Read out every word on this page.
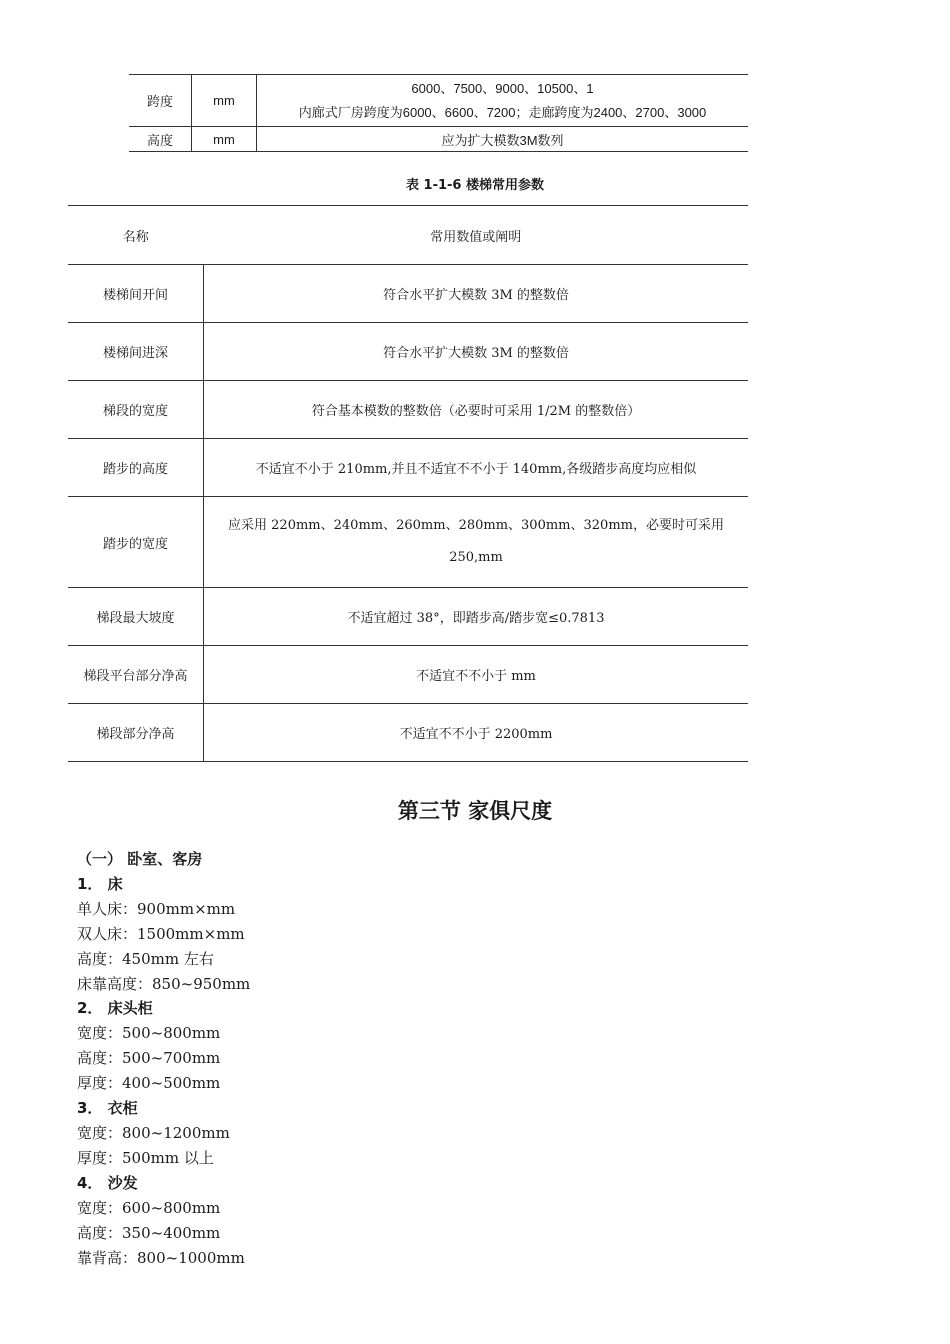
跨度	mm	6000、7500、9000、10500、1
内廊式厂房跨度为6000、6600、7200；走廊跨度为2400、2700、3000

高度	mm	应为扩大模数3M数列
表 1-1-6 楼梯常用参数
名称	常用数值或阐明
楼梯间开间	符合水平扩大模数 3M 的整数倍
楼梯间进深	符合水平扩大模数 3M 的整数倍
梯段的宽度	符合基本模数的整数倍（必要时可采用 1/2M 的整数倍）
踏步的高度	不适宜不小于 210mm,并且不适宜不不小于 140mm,各级踏步高度均应相似
踏步的宽度	应采用 220mm、240mm、260mm、280mm、300mm、320mm，必要时可采用
250,mm

梯段最大坡度	不适宜超过 38°，即踏步高/踏步宽≤0.7813
梯段平台部分净高	不适宜不不小于 mm
梯段部分净高	不适宜不不小于 2200mm
第三节 家俱尺度
（一） 卧室、客房
1． 床
单人床：900mm×mm
双人床：1500mm×mm
高度：450mm 左右
床靠高度：850~950mm
2． 床头柜
宽度：500~800mm
高度：500~700mm
厚度：400~500mm
3． 衣柜
宽度：800~1200mm
厚度：500mm 以上
4． 沙发
宽度：600~800mm
高度：350~400mm
靠背高：800~1000mm
